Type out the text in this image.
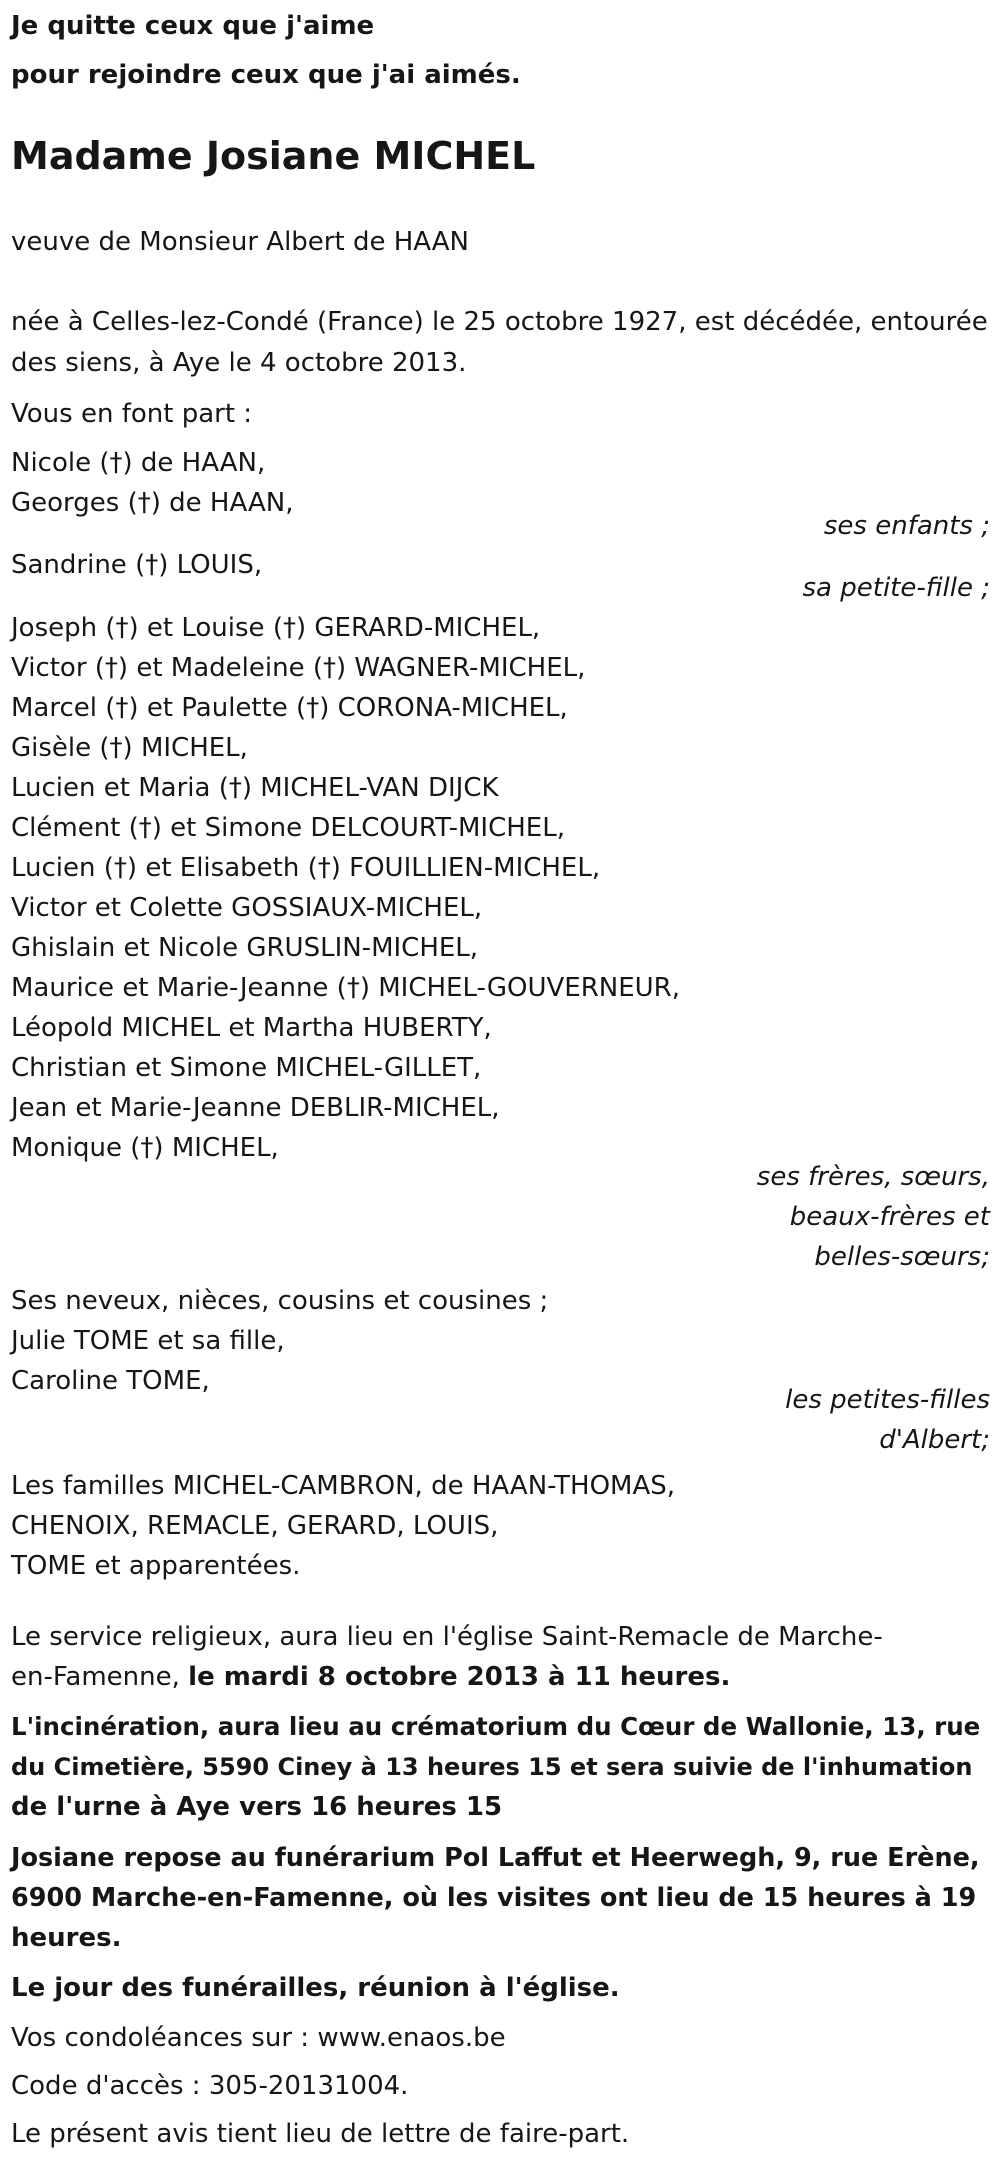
Je quitte ceux que j'aime

pour rejoindre ceux que j'ai aimés.

Madame Josiane MICHEL

veuve de Monsieur Albert de HAAN

née à Celles-lez-Condé (France) le 25 octobre 1927, est décédée, entourée

des siens, à Aye le 4 octobre 2013.

Vous en font part :

Nicole (†) de HAAN,

Georges (†) de HAAN,

ses enfants ;

Sandrine (†) LOUIS,

sa petite-fille ;

Joseph (†) et Louise (†) GERARD-MICHEL,

Victor (†) et Madeleine (†) WAGNER-MICHEL,

Marcel (†) et Paulette (†) CORONA-MICHEL,

Gisèle (†) MICHEL,

Lucien et Maria (†) MICHEL-VAN DIJCK

Clément (†) et Simone DELCOURT-MICHEL,

Lucien (†) et Elisabeth (†) FOUILLIEN-MICHEL,

Victor et Colette GOSSIAUX-MICHEL,

Ghislain et Nicole GRUSLIN-MICHEL,

Maurice et Marie-Jeanne (†) MICHEL-GOUVERNEUR,

Léopold MICHEL et Martha HUBERTY,

Christian et Simone MICHEL-GILLET,

Jean et Marie-Jeanne DEBLIR-MICHEL,

Monique (†) MICHEL,

ses frères, sœurs,

beaux-frères et

belles-sœurs;

Ses neveux, nièces, cousins et cousines ;

Julie TOME et sa fille,

Caroline TOME,

les petites-filles

d'Albert;

Les familles MICHEL-CAMBRON, de HAAN-THOMAS,

CHENOIX, REMACLE, GERARD, LOUIS,

TOME et apparentées.

Le service religieux, aura lieu en l'église Saint-Remacle de Marche-

en-Famenne, le mardi 8 octobre 2013 à 11 heures.

L'incinération, aura lieu au crématorium du Cœur de Wallonie, 13, rue

du Cimetière, 5590 Ciney à 13 heures 15 et sera suivie de l'inhumation

de l'urne à Aye vers 16 heures 15

Josiane repose au funérarium Pol Laffut et Heerwegh, 9, rue Erène,

6900 Marche-en-Famenne, où les visites ont lieu de 15 heures à 19

heures.

Le jour des funérailles, réunion à l'église.

Vos condoléances sur : www.enaos.be

Code d'accès : 305-20131004.

Le présent avis tient lieu de lettre de faire-part.
